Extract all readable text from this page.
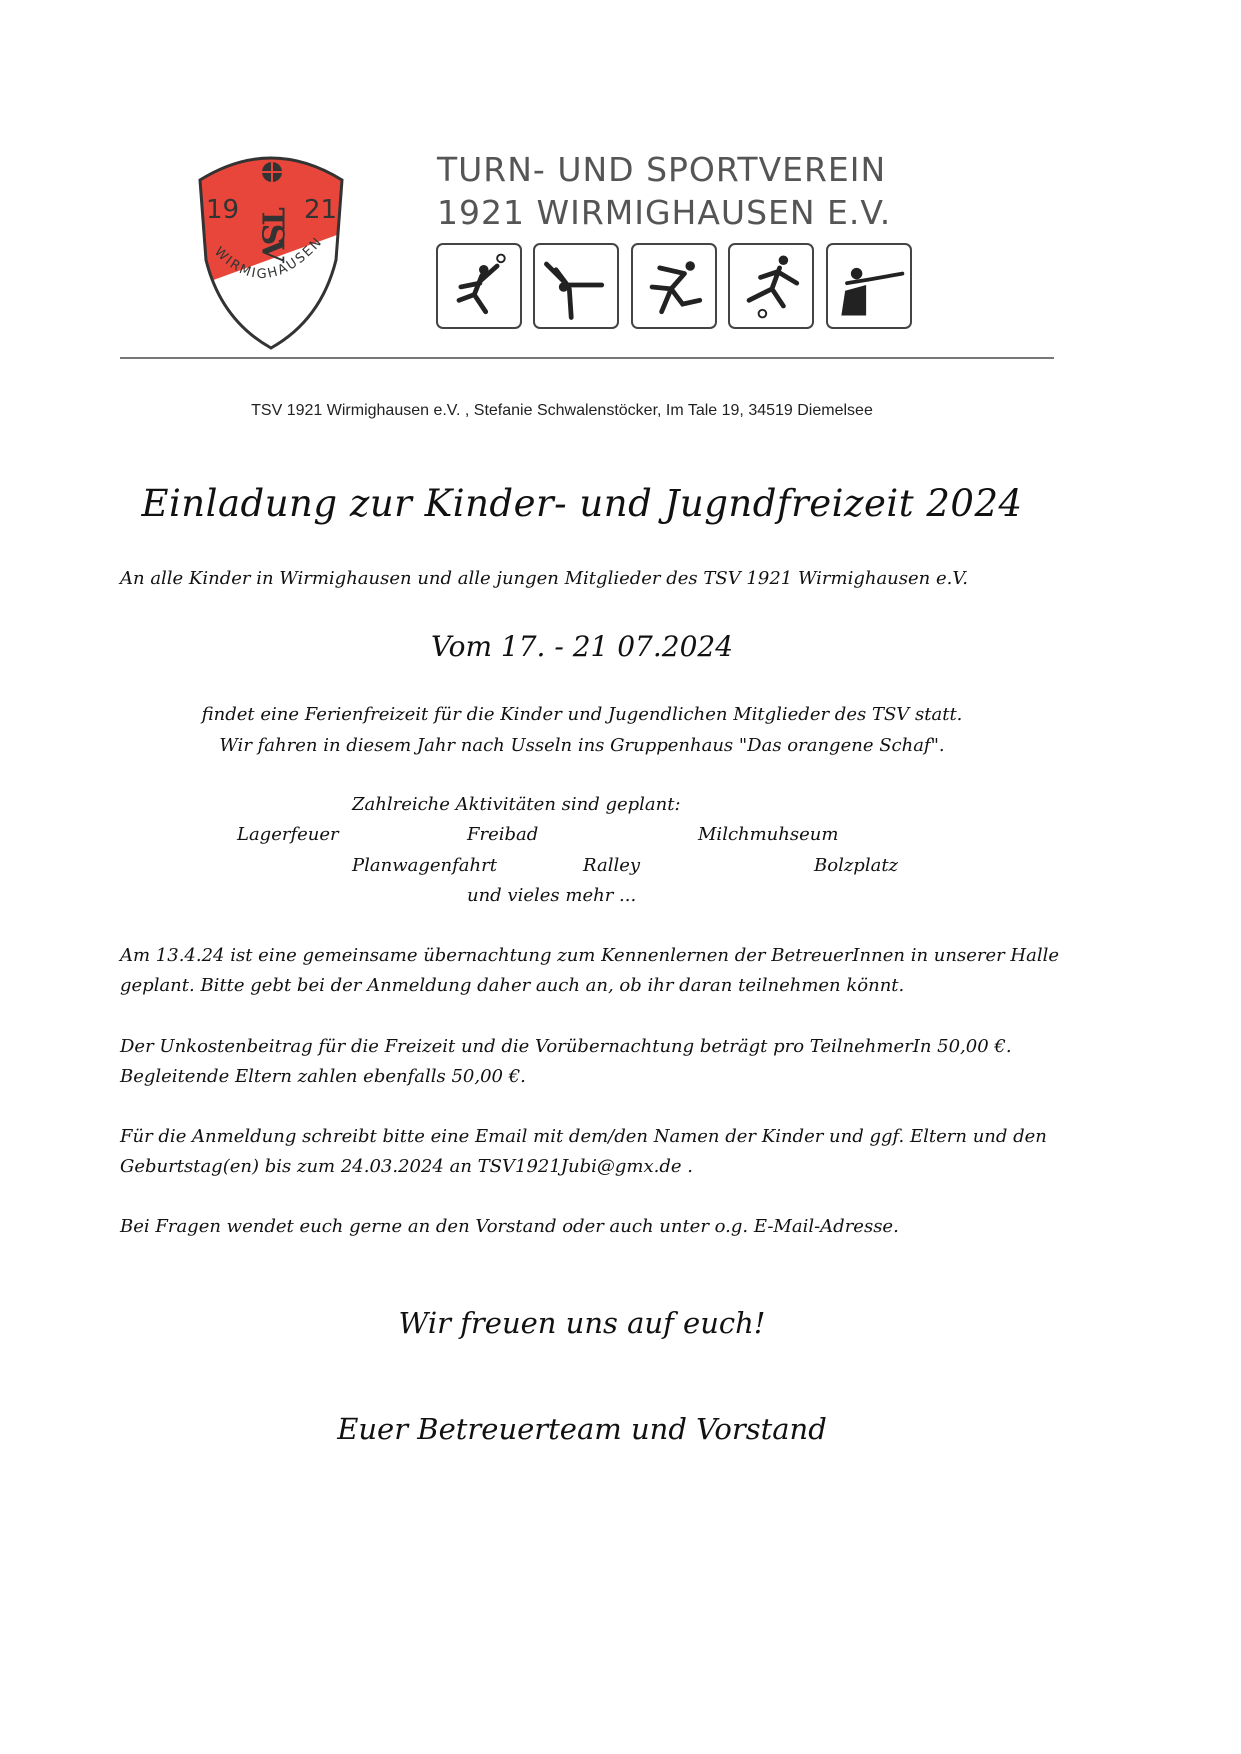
19 21
TSV
WIRMIGHAUSEN
TURN- UND SPORTVEREIN
1921 WIRMIGHAUSEN E.V.
TSV 1921 Wirmighausen e.V. , Stefanie Schwalenstöcker, Im Tale 19, 34519 Diemelsee
Einladung zur Kinder- und Jugndfreizeit 2024
An alle Kinder in Wirmighausen und alle jungen Mitglieder des TSV 1921 Wirmighausen e.V.
Vom 17. - 21 07.2024
findet eine Ferienfreizeit für die Kinder und Jugendlichen Mitglieder des TSV statt.
Wir fahren in diesem Jahr nach Usseln ins Gruppenhaus "Das orangene Schaf".
Zahlreiche Aktivitäten sind geplant:
Lagerfeuer	Freibad	Milchmuhseum
Planwagenfahrt	Ralley	Bolzplatz
und vieles mehr ...
Am 13.4.24 ist eine gemeinsame übernachtung zum Kennenlernen der BetreuerInnen in unserer Halle
geplant. Bitte gebt bei der Anmeldung daher auch an, ob ihr daran teilnehmen könnt.
Der Unkostenbeitrag für die Freizeit und die Vorübernachtung beträgt pro TeilnehmerIn 50,00 €.
Begleitende Eltern zahlen ebenfalls 50,00 €.
Für die Anmeldung schreibt bitte eine Email mit dem/den Namen der Kinder und ggf. Eltern und den
Geburtstag(en) bis zum 24.03.2024 an TSV1921Jubi@gmx.de .
Bei Fragen wendet euch gerne an den Vorstand oder auch unter o.g. E-Mail-Adresse.
Wir freuen uns auf euch!
Euer Betreuerteam und Vorstand
